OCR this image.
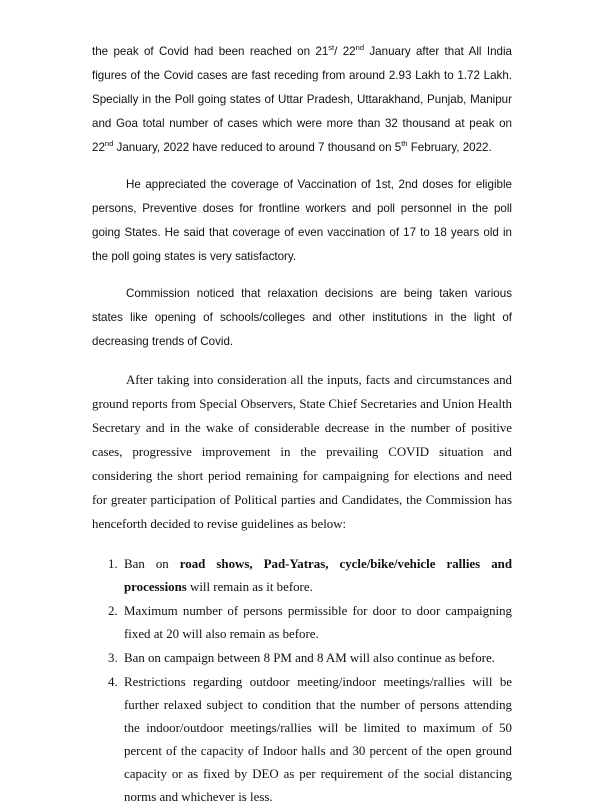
the peak of Covid had been reached on 21st/ 22nd January after that All India figures of the Covid cases are fast receding from around 2.93 Lakh to 1.72 Lakh. Specially in the Poll going states of Uttar Pradesh, Uttarakhand, Punjab, Manipur and Goa total number of cases which were more than 32 thousand at peak on 22nd January, 2022 have reduced to around 7 thousand on 5th February, 2022.

He appreciated the coverage of Vaccination of 1st, 2nd doses for eligible persons, Preventive doses for frontline workers and poll personnel in the poll going States. He said that coverage of even vaccination of 17 to 18 years old in the poll going states is very satisfactory.

Commission noticed that relaxation decisions are being taken various states like opening of schools/colleges and other institutions in the light of decreasing trends of Covid.

After taking into consideration all the inputs, facts and circumstances and ground reports from Special Observers, State Chief Secretaries and Union Health Secretary and in the wake of considerable decrease in the number of positive cases, progressive improvement in the prevailing COVID situation and considering the short period remaining for campaigning for elections and need for greater participation of Political parties and Candidates, the Commission has henceforth decided to revise guidelines as below:

1. Ban on road shows, Pad-Yatras, cycle/bike/vehicle rallies and processions will remain as it before.
2. Maximum number of persons permissible for door to door campaigning fixed at 20 will also remain as before.
3. Ban on campaign between 8 PM and 8 AM will also continue as before.
4. Restrictions regarding outdoor meeting/indoor meetings/rallies will be further relaxed subject to condition that the number of persons attending the indoor/outdoor meetings/rallies will be limited to maximum of 50 percent of the capacity of Indoor halls and 30 percent of the open ground capacity or as fixed by DEO as per requirement of the social distancing norms and whichever is less.
